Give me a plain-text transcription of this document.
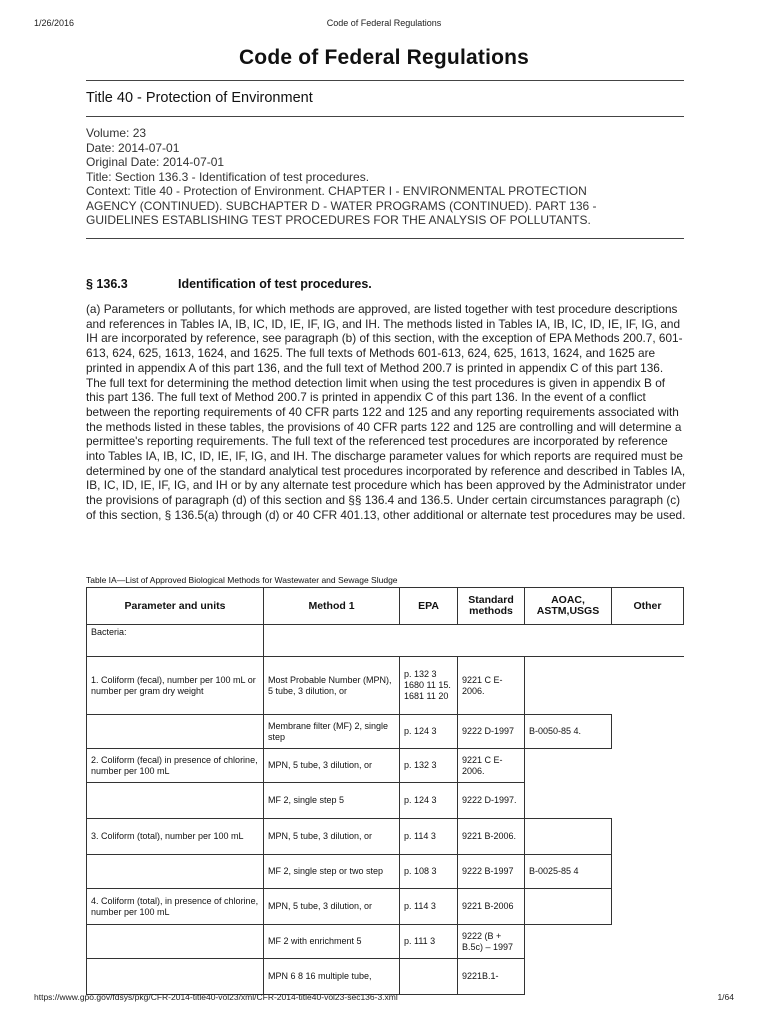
1/26/2016	Code of Federal Regulations
Code of Federal Regulations
Title 40 - Protection of Environment
Volume: 23
Date: 2014-07-01
Original Date: 2014-07-01
Title: Section 136.3 - Identification of test procedures.
Context: Title 40 - Protection of Environment. CHAPTER I - ENVIRONMENTAL PROTECTION
AGENCY (CONTINUED). SUBCHAPTER D - WATER PROGRAMS (CONTINUED). PART 136 -
GUIDELINES ESTABLISHING TEST PROCEDURES FOR THE ANALYSIS OF POLLUTANTS.
§ 136.3	Identification of test procedures.
(a) Parameters or pollutants, for which methods are approved, are listed together with test procedure descriptions and references in Tables IA, IB, IC, ID, IE, IF, IG, and IH. The methods listed in Tables IA, IB, IC, ID, IE, IF, IG, and IH are incorporated by reference, see paragraph (b) of this section, with the exception of EPA Methods 200.7, 601-613, 624, 625, 1613, 1624, and 1625. The full texts of Methods 601-613, 624, 625, 1613, 1624, and 1625 are printed in appendix A of this part 136, and the full text of Method 200.7 is printed in appendix C of this part 136. The full text for determining the method detection limit when using the test procedures is given in appendix B of this part 136. The full text of Method 200.7 is printed in appendix C of this part 136. In the event of a conflict between the reporting requirements of 40 CFR parts 122 and 125 and any reporting requirements associated with the methods listed in these tables, the provisions of 40 CFR parts 122 and 125 are controlling and will determine a permittee's reporting requirements. The full text of the referenced test procedures are incorporated by reference into Tables IA, IB, IC, ID, IE, IF, IG, and IH. The discharge parameter values for which reports are required must be determined by one of the standard analytical test procedures incorporated by reference and described in Tables IA, IB, IC, ID, IE, IF, IG, and IH or by any alternate test procedure which has been approved by the Administrator under the provisions of paragraph (d) of this section and §§ 136.4 and 136.5. Under certain circumstances paragraph (c) of this section, § 136.5(a) through (d) or 40 CFR 401.13, other additional or alternate test procedures may be used.
Table IA—List of Approved Biological Methods for Wastewater and Sewage Sludge
Parameter and units	Method 1	EPA	Standard methods	AOAC, ASTM,USGS	Other
Bacteria:					
1. Coliform (fecal), number per 100 mL or number per gram dry weight	Most Probable Number (MPN), 5 tube, 3 dilution, or	p. 132 3 1680 11 15. 1681 11 20	9221 C E-2006.		
	Membrane filter (MF) 2, single step	p. 124 3	9222 D-1997	B-0050-85 4.	
2. Coliform (fecal) in presence of chlorine, number per 100 mL	MPN, 5 tube, 3 dilution, or	p. 132 3	9221 C E-2006.		
	MF 2, single step 5	p. 124 3	9222 D-1997.		
3. Coliform (total), number per 100 mL	MPN, 5 tube, 3 dilution, or	p. 114 3	9221 B-2006.		
	MF 2, single step or two step	p. 108 3	9222 B-1997	B-0025-85 4	
4. Coliform (total), in presence of chlorine, number per 100 mL	MPN, 5 tube, 3 dilution, or	p. 114 3	9221 B-2006		
	MF 2 with enrichment 5	p. 111 3	9222 (B + B.5c) – 1997		
	MPN 6 8 16 multiple tube,		9221B.1-		
https://www.gpo.gov/fdsys/pkg/CFR-2014-title40-vol23/xml/CFR-2014-title40-vol23-sec136-3.xml	1/64
